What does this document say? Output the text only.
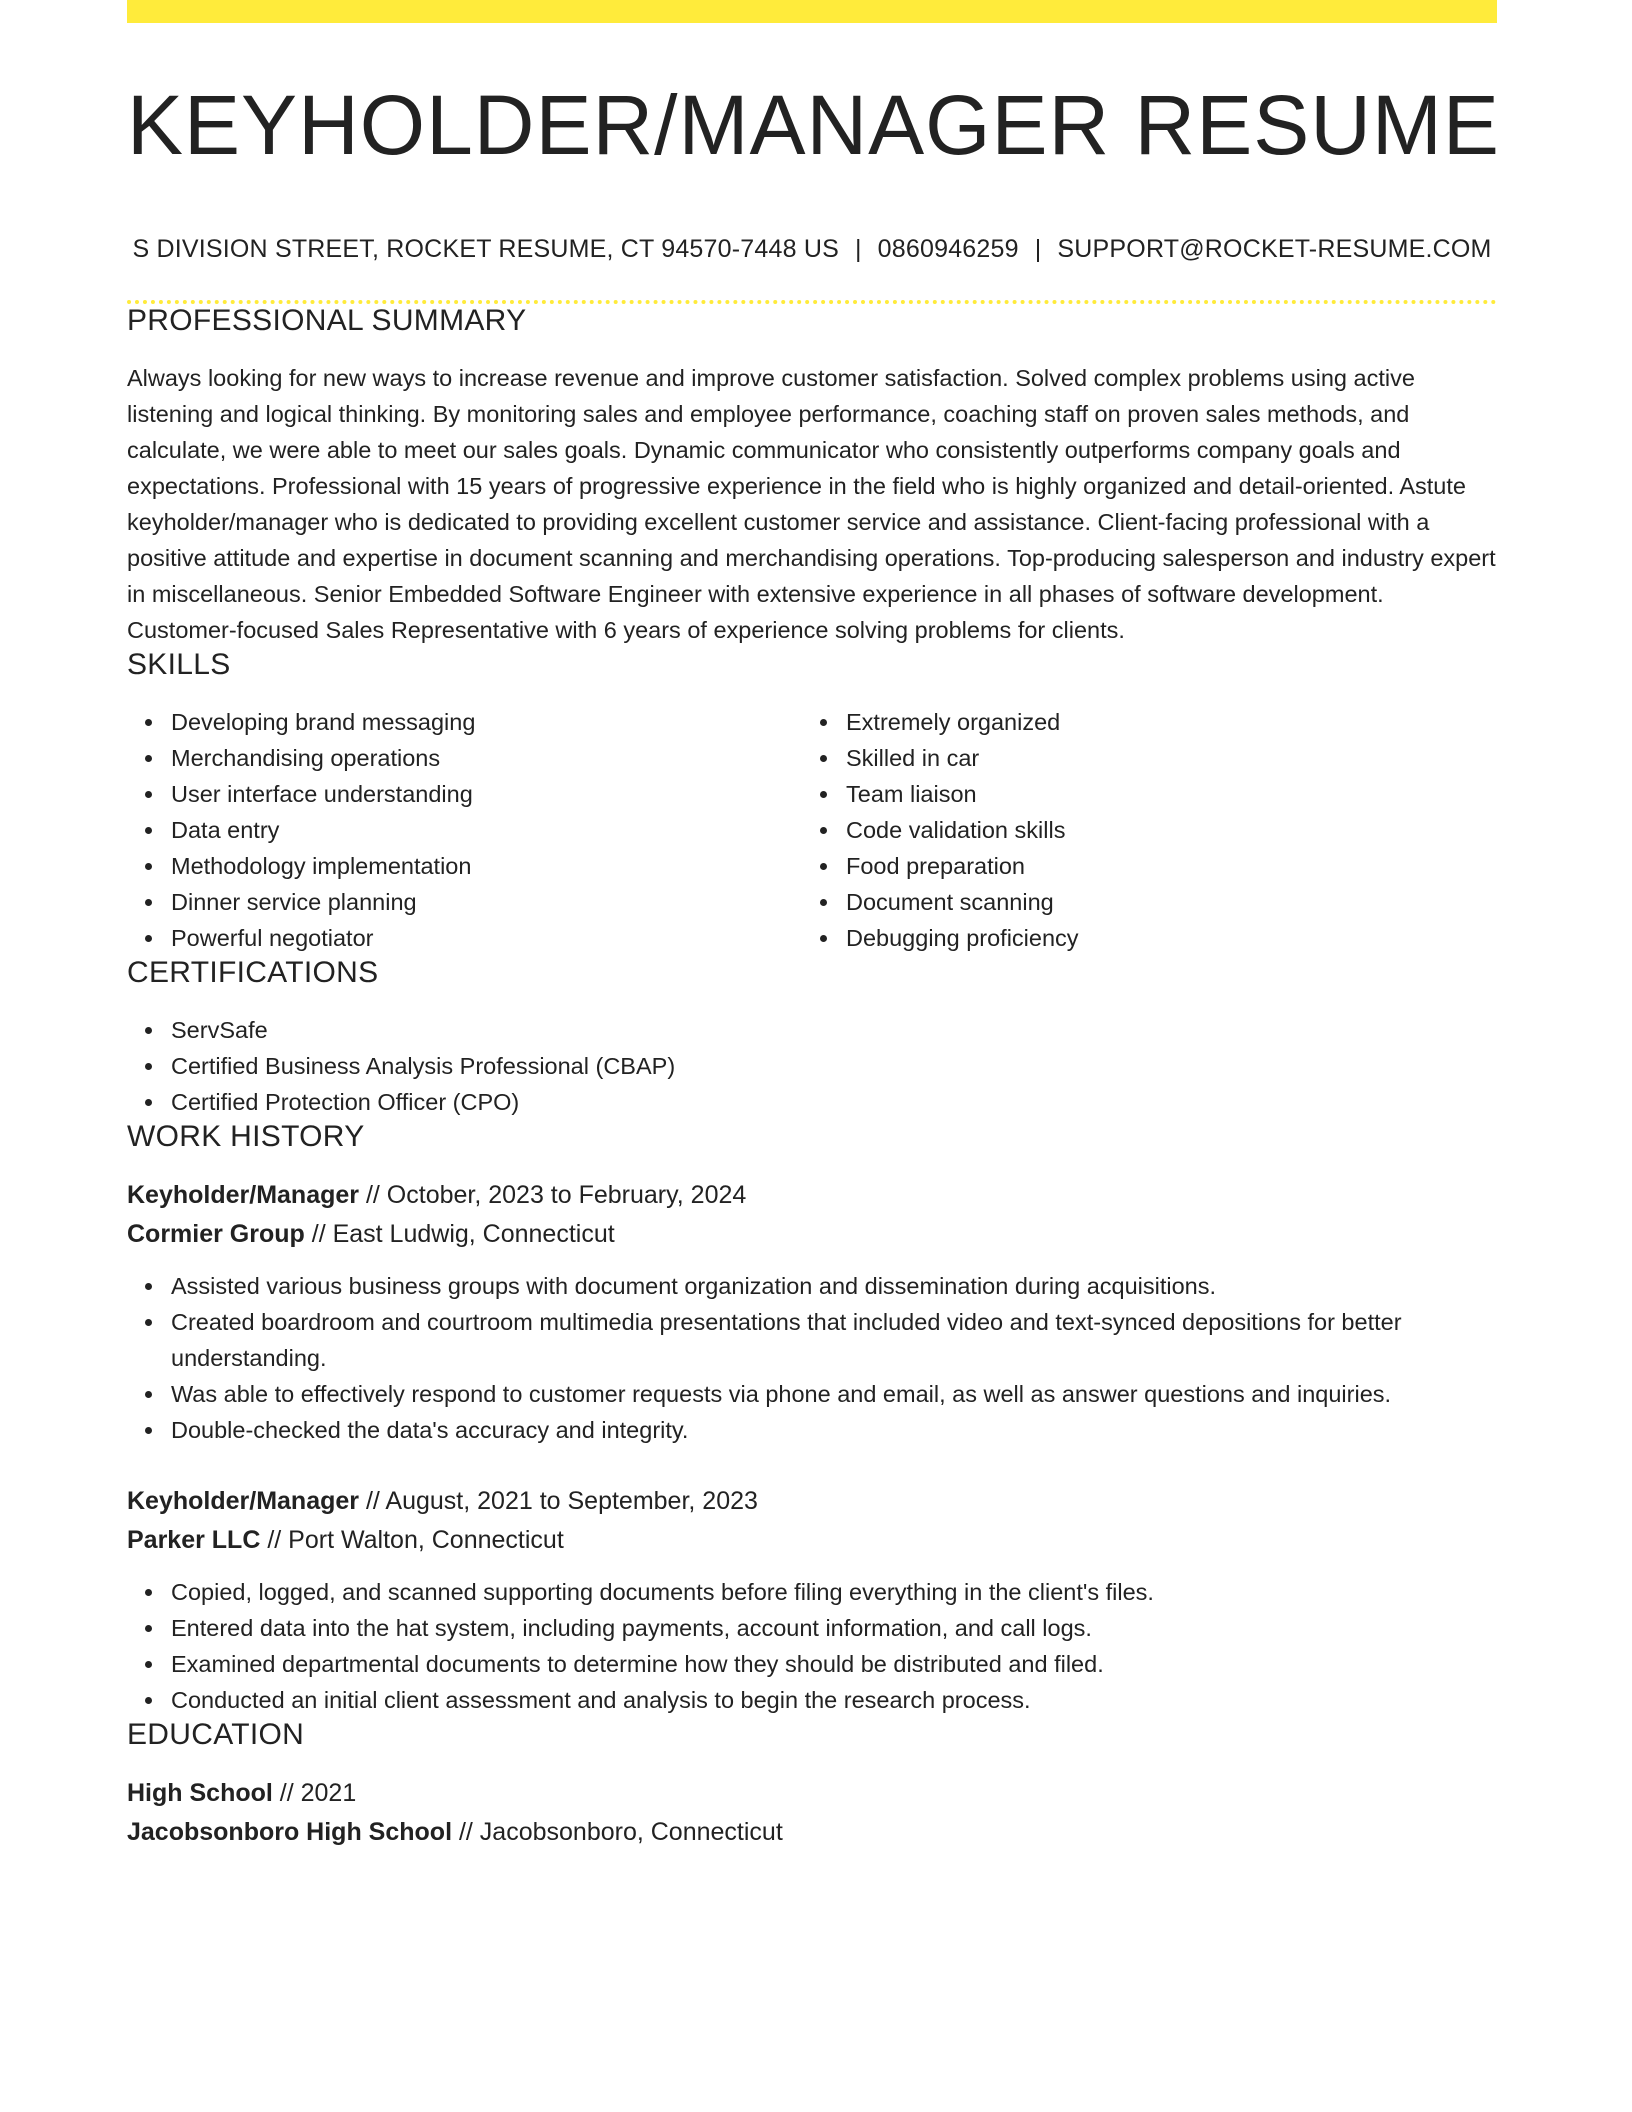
KEYHOLDER/MANAGER RESUME
S DIVISION STREET, ROCKET RESUME, CT 94570-7448 US | 0860946259 | SUPPORT@ROCKET-RESUME.COM
PROFESSIONAL SUMMARY
Always looking for new ways to increase revenue and improve customer satisfaction. Solved complex problems using active listening and logical thinking. By monitoring sales and employee performance, coaching staff on proven sales methods, and calculate, we were able to meet our sales goals. Dynamic communicator who consistently outperforms company goals and expectations. Professional with 15 years of progressive experience in the field who is highly organized and detail-oriented. Astute keyholder/manager who is dedicated to providing excellent customer service and assistance. Client-facing professional with a positive attitude and expertise in document scanning and merchandising operations. Top-producing salesperson and industry expert in miscellaneous. Senior Embedded Software Engineer with extensive experience in all phases of software development. Customer-focused Sales Representative with 6 years of experience solving problems for clients.
SKILLS
Developing brand messaging
Merchandising operations
User interface understanding
Data entry
Methodology implementation
Dinner service planning
Powerful negotiator
Extremely organized
Skilled in car
Team liaison
Code validation skills
Food preparation
Document scanning
Debugging proficiency
CERTIFICATIONS
ServSafe
Certified Business Analysis Professional (CBAP)
Certified Protection Officer (CPO)
WORK HISTORY
Keyholder/Manager // October, 2023 to February, 2024
Cormier Group // East Ludwig, Connecticut
Assisted various business groups with document organization and dissemination during acquisitions.
Created boardroom and courtroom multimedia presentations that included video and text-synced depositions for better understanding.
Was able to effectively respond to customer requests via phone and email, as well as answer questions and inquiries.
Double-checked the data's accuracy and integrity.
Keyholder/Manager // August, 2021 to September, 2023
Parker LLC // Port Walton, Connecticut
Copied, logged, and scanned supporting documents before filing everything in the client's files.
Entered data into the hat system, including payments, account information, and call logs.
Examined departmental documents to determine how they should be distributed and filed.
Conducted an initial client assessment and analysis to begin the research process.
EDUCATION
High School // 2021
Jacobsonboro High School // Jacobsonboro, Connecticut
